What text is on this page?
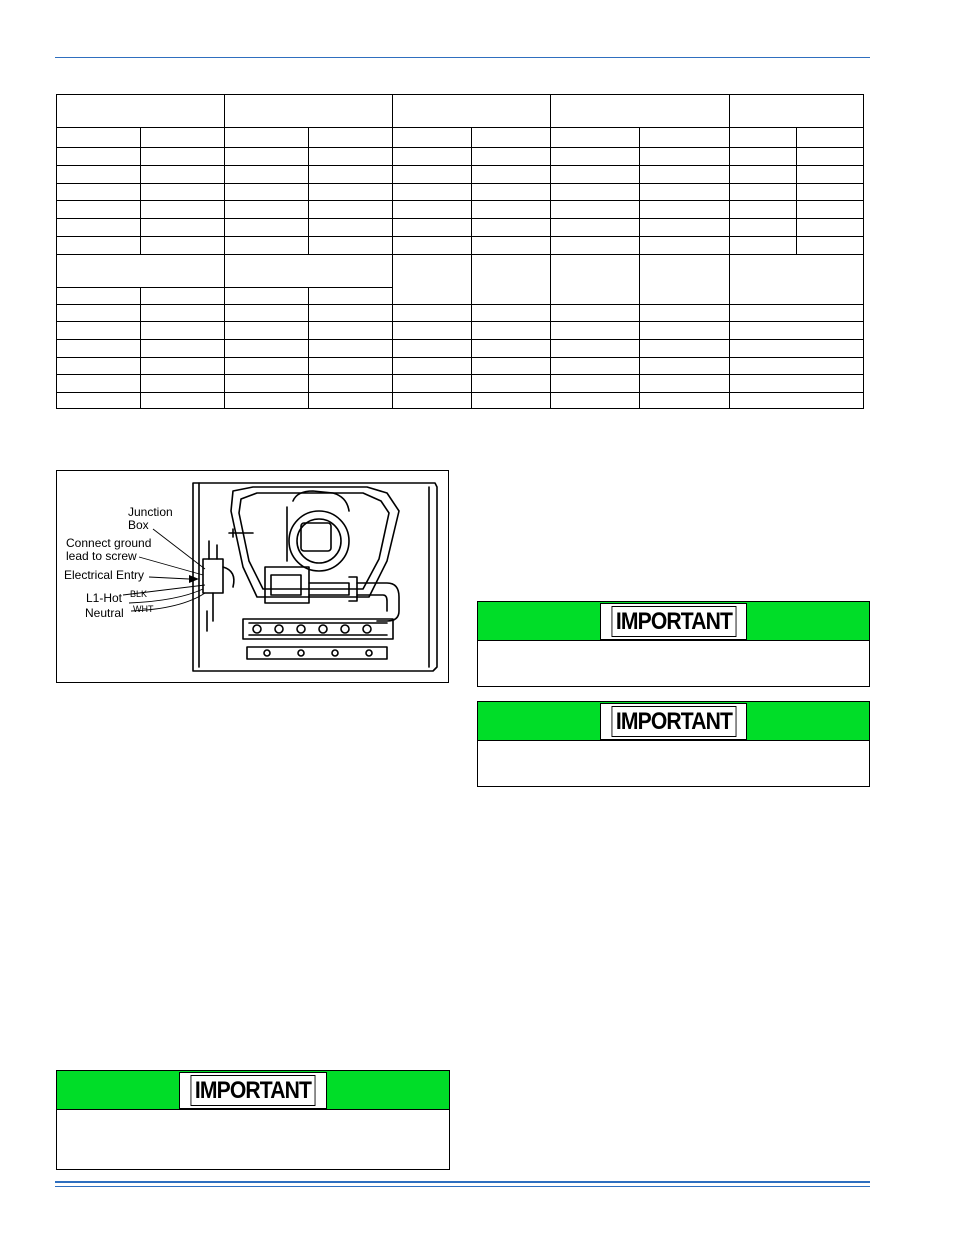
Junction
Box
Connect ground
lead to screw
Electrical Entry
L1-Hot
Neutral
BLK
WHT	IMPORTANT
IMPORTANT
IMPORTANT
